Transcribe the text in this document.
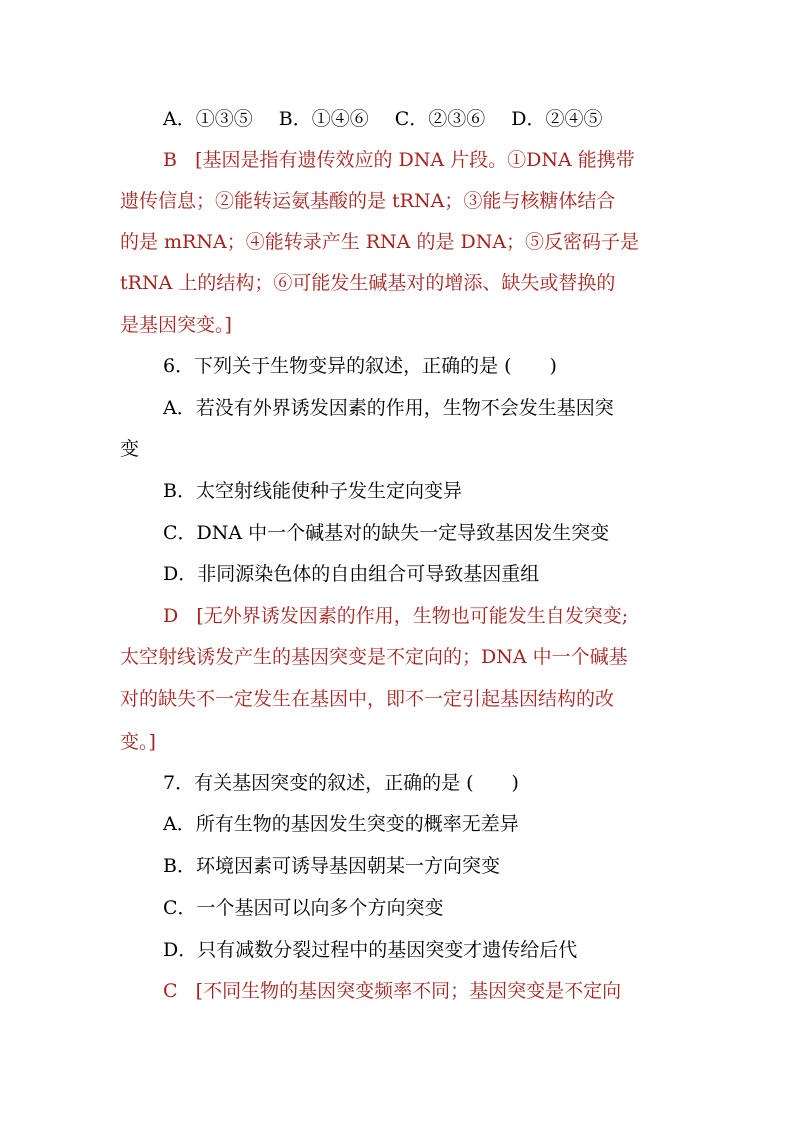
A．①③⑤ B．①④⑥ C．②③⑥ D．②④⑤
B [基因是指有遗传效应的 DNA 片段。①DNA 能携带
遗传信息；②能转运氨基酸的是 tRNA；③能与核糖体结合
的是 mRNA；④能转录产生 RNA 的是 DNA；⑤反密码子是
tRNA 上的结构；⑥可能发生碱基对的增添、缺失或替换的
是基因突变。]
6．下列关于生物变异的叙述，正确的是 (　　)
A．若没有外界诱发因素的作用，生物不会发生基因突
变
B．太空射线能使种子发生定向变异
C．DNA 中一个碱基对的缺失一定导致基因发生突变
D．非同源染色体的自由组合可导致基因重组
D [无外界诱发因素的作用，生物也可能发生自发突变;
太空射线诱发产生的基因突变是不定向的；DNA 中一个碱基
对的缺失不一定发生在基因中，即不一定引起基因结构的改
变。]
7．有关基因突变的叙述，正确的是 (　　)
A．所有生物的基因发生突变的概率无差异
B．环境因素可诱导基因朝某一方向突变
C．一个基因可以向多个方向突变
D．只有减数分裂过程中的基因突变才遗传给后代
C [不同生物的基因突变频率不同；基因突变是不定向
